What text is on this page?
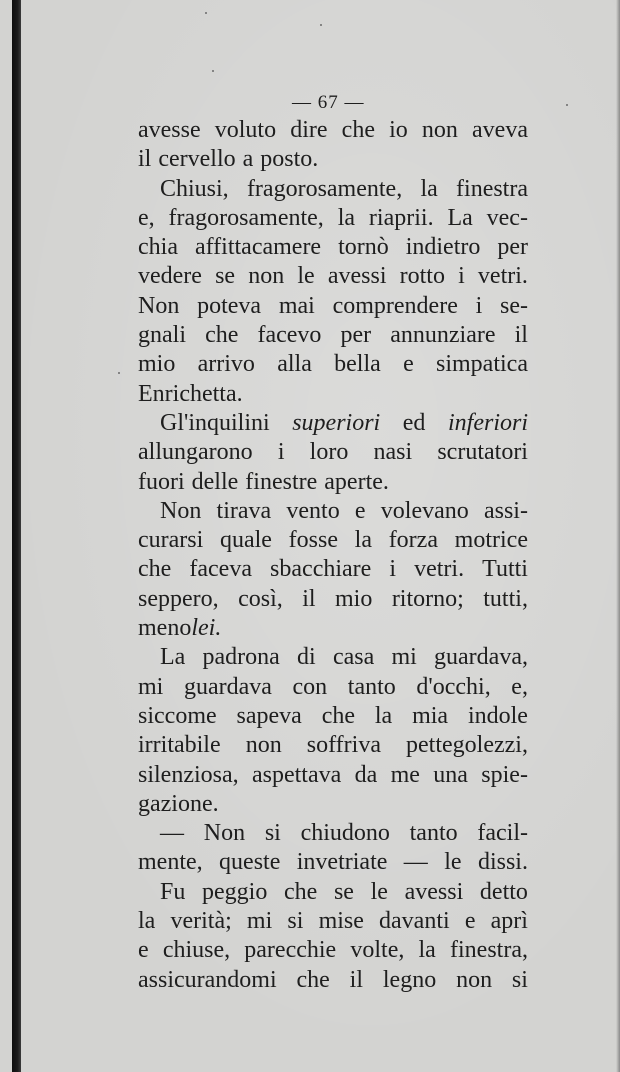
— 67 —
avesse voluto dire che io non aveva
il cervello a posto.
Chiusi, fragorosamente, la finestra
e, fragorosamente, la riaprii. La vec-
chia affittacamere tornò indietro per
vedere se non le avessi rotto i vetri.
Non poteva mai comprendere i se-
gnali che facevo per annunziare il
mio arrivo alla bella e simpatica
Enrichetta.
Gl'inquilini superiori ed inferiori
allungarono i loro nasi scrutatori
fuori delle finestre aperte.
Non tirava vento e volevano assi-
curarsi quale fosse la forza motrice
che faceva sbacchiare i vetri. Tutti
seppero, così, il mio ritorno; tutti,
meno lei.
La padrona di casa mi guardava,
mi guardava con tanto d'occhi, e,
siccome sapeva che la mia indole
irritabile non soffriva pettegolezzi,
silenziosa, aspettava da me una spie-
gazione.
— Non si chiudono tanto facil-
mente, queste invetriate — le dissi.
Fu peggio che se le avessi detto
la verità; mi si mise davanti e aprì
e chiuse, parecchie volte, la finestra,
assicurandomi che il legno non si
